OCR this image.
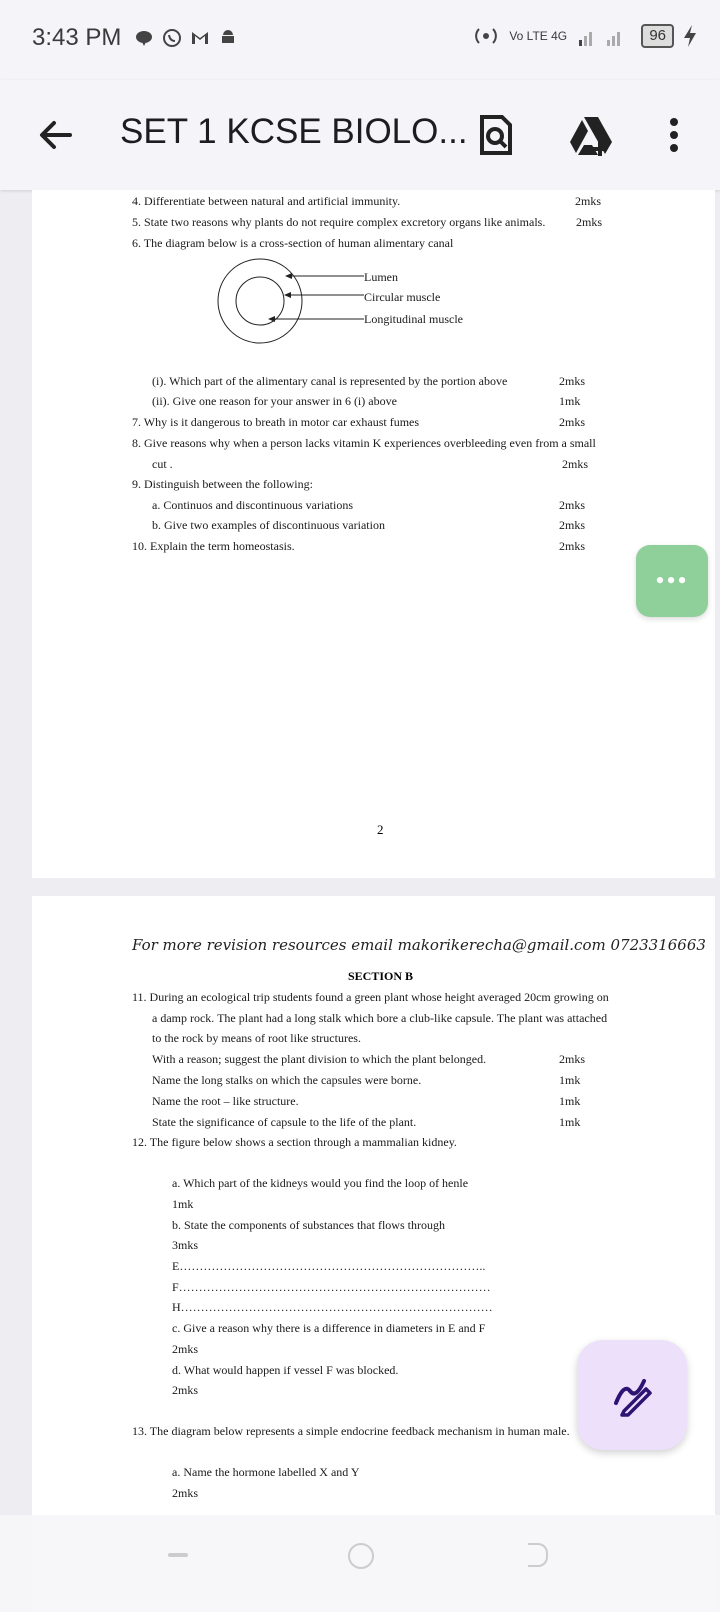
3:43 PM	Vo LTE 4G	96
SET 1 KCSE BIOLO...
4. Differentiate between natural and artificial immunity.	2mks
5. State two reasons why plants do not require complex excretory organs like animals.	2mks
6. The diagram below is a cross-section of human alimentary canal
Lumen
Circular muscle
Longitudinal muscle
(i). Which part of the alimentary canal is represented by the portion above	2mks
(ii). Give one reason for your answer in 6 (i) above	1mk
7. Why is it dangerous to breath in motor car exhaust fumes	2mks
8. Give reasons why when a person lacks vitamin K experiences overbleeding even from a small
cut .	2mks
9. Distinguish between the following:
a. Continuos and discontinuous variations	2mks
b. Give two examples of discontinuous variation	2mks
10. Explain the term homeostasis.	2mks
2
For more revision resources email makorikerecha@gmail.com 0723316663
SECTION B
11. During an ecological trip students found a green plant whose height averaged 20cm growing on
a damp rock. The plant had a long stalk which bore a club-like capsule. The plant was attached
to the rock by means of root like structures.
With a reason; suggest the plant division to which the plant belonged.	2mks
Name the long stalks on which the capsules were borne.	1mk
Name the root – like structure.	1mk
State the significance of capsule to the life of the plant.	1mk
12. The figure below shows a section through a mammalian kidney.
a. Which part of the kidneys would you find the loop of henle
1mk
b. State the components of substances that flows through
3mks
E…………………………………………………………………..
F……………………………………………………………………
H……………………………………………………………………
c. Give a reason why there is a difference in diameters in E and F
2mks
d. What would happen if vessel F was blocked.
2mks
13. The diagram below represents a simple endocrine feedback mechanism in human male.
a. Name the hormone labelled X and Y
2mks
•••
